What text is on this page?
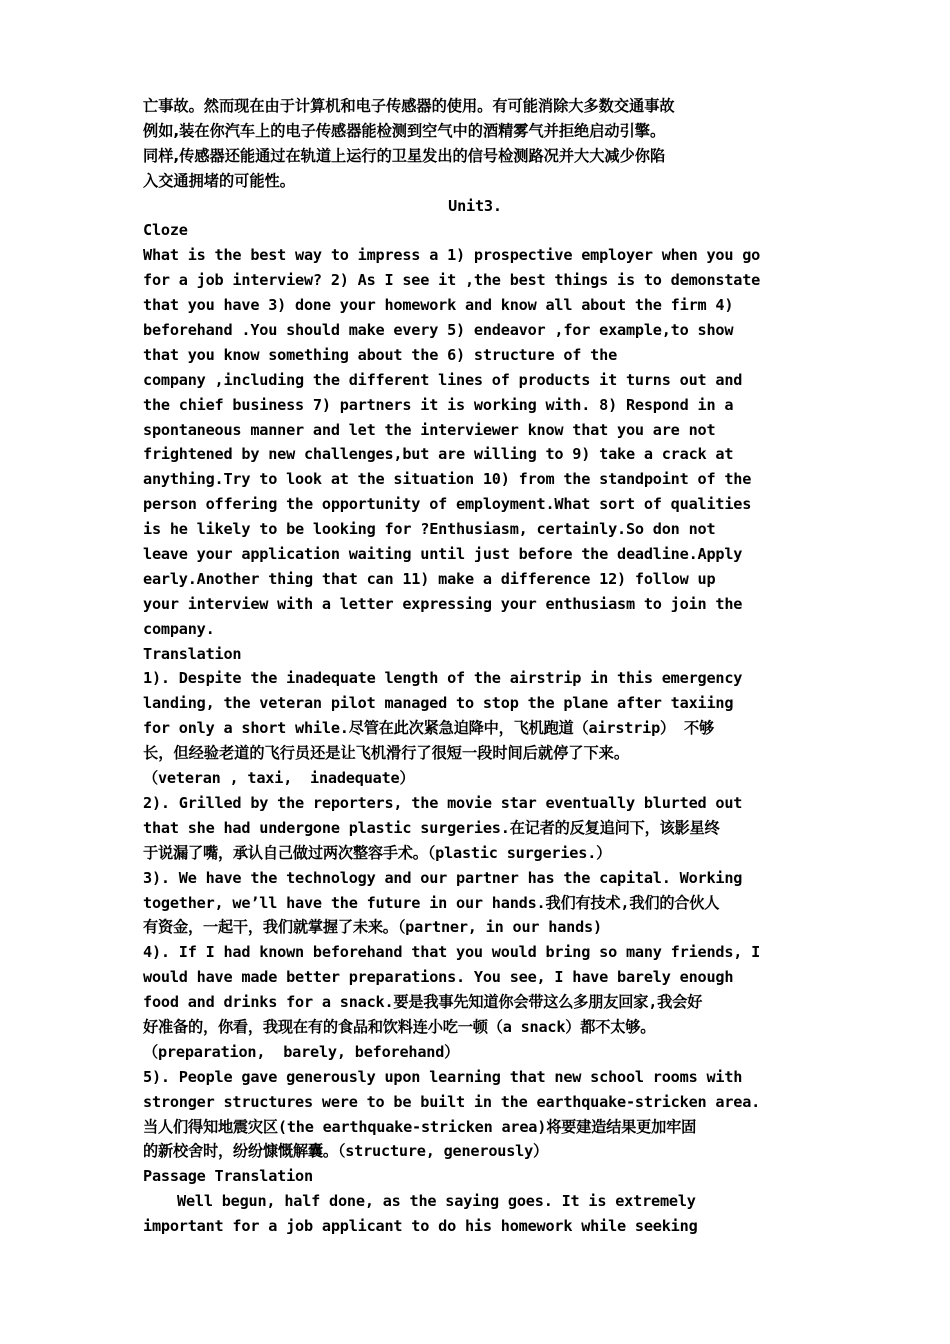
亡事故。然而现在由于计算机和电子传感器的使用。有可能消除大多数交通事故
例如,装在你汽车上的电子传感器能检测到空气中的酒精雾气并拒绝启动引擎。
同样,传感器还能通过在轨道上运行的卫星发出的信号检测路况并大大减少你陷
入交通拥堵的可能性。
Unit3.
Cloze
What is the best way to impress a 1) prospective employer when you go
for a job interview? 2) As I see it ,the best things is to demonstate
that you have 3) done your homework and know all about the firm 4)
beforehand .You should make every 5) endeavor ,for example,to show
that you know something about the 6) structure of the
company ,including the different lines of products it turns out and
the chief business 7) partners it is working with. 8) Respond in a
spontaneous manner and let the interviewer know that you are not
frightened by new challenges,but are willing to 9) take a crack at
anything.Try to look at the situation 10) from the standpoint of the
person offering the opportunity of employment.What sort of qualities
is he likely to be looking for ?Enthusiasm, certainly.So don not
leave your application waiting until just before the deadline.Apply
early.Another thing that can 11) make a difference 12) follow up
your interview with a letter expressing your enthusiasm to join the
company.
Translation
1). Despite the inadequate length of the airstrip in this emergency
landing, the veteran pilot managed to stop the plane after taxiing
for only a short while.尽管在此次紧急迫降中，飞机跑道（airstrip） 不够
长，但经验老道的飞行员还是让飞机滑行了很短一段时间后就停了下来。
（veteran , taxi,  inadequate）
2). Grilled by the reporters, the movie star eventually blurted out
that she had undergone plastic surgeries.在记者的反复追问下，该影星终
于说漏了嘴，承认自己做过两次整容手术。（plastic surgeries.）
3). We have the technology and our partner has the capital. Working
together, we’ll have the future in our hands.我们有技术,我们的合伙人
有资金，一起干，我们就掌握了未来。（partner, in our hands)
4). If I had known beforehand that you would bring so many friends, I
would have made better preparations. You see, I have barely enough
food and drinks for a snack.要是我事先知道你会带这么多朋友回家,我会好
好准备的，你看，我现在有的食品和饮料连小吃一顿（a snack）都不太够。
（preparation,  barely, beforehand）
5). People gave generously upon learning that new school rooms with
stronger structures were to be built in the earthquake-stricken area.
当人们得知地震灾区(the earthquake-stricken area)将要建造结果更加牢固
的新校舍时，纷纷慷慨解囊。（structure, generously）
Passage Translation
Well begun, half done, as the saying goes. It is extremely
important for a job applicant to do his homework while seeking
